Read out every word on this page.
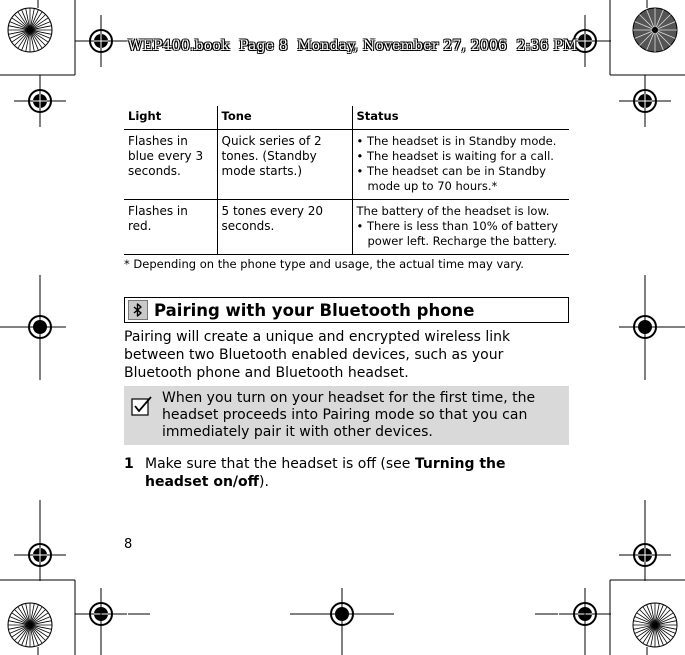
WEP400.book  Page 8  Monday, November 27, 2006  2:36 PM
Light	Tone	Status
Flashes in blue every 3 seconds.	Quick series of 2 tones. (Standby mode starts.)	• The headset is in Standby mode.
• The headset is waiting for a call.
• The headset can be in Standby mode up to 70 hours.*

Flashes in red.	5 tones every 20 seconds.	The battery of the headset is low.
• There is less than 10% of battery power left. Recharge the battery.
* Depending on the phone type and usage, the actual time may vary.
Pairing with your Bluetooth phone
Pairing will create a unique and encrypted wireless link between two Bluetooth enabled devices, such as your Bluetooth phone and Bluetooth headset.
When you turn on your headset for the first time, the headset proceeds into Pairing mode so that you can immediately pair it with other devices.
1 Make sure that the headset is off (see Turning the headset on/off).
8
